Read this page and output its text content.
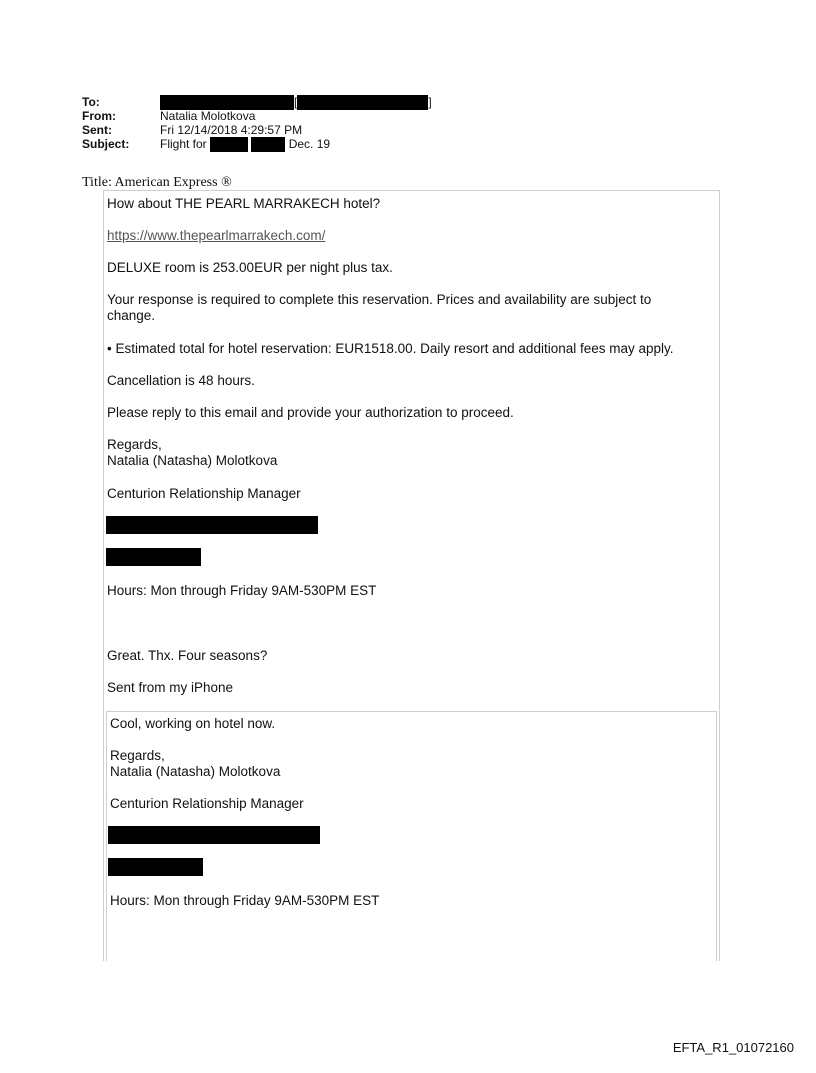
To:	[	]
From:	Natalia Molotkova
Sent:	Fri 12/14/2018 4:29:57 PM
Subject:	Flight for	Dec. 19
Title: American Express ®
How about THE PEARL MARRAKECH hotel?
https://www.thepearlmarrakech.com/
DELUXE room is 253.00EUR per night plus tax.
Your response is required to complete this reservation. Prices and availability are subject to
change.
• Estimated total for hotel reservation: EUR1518.00. Daily resort and additional fees may apply.
Cancellation is 48 hours.
Please reply to this email and provide your authorization to proceed.
Regards,
Natalia (Natasha) Molotkova
Centurion Relationship Manager
Hours: Mon through Friday 9AM-530PM EST
Great. Thx. Four seasons?
Sent from my iPhone
Cool, working on hotel now.
Regards,
Natalia (Natasha) Molotkova
Centurion Relationship Manager
Hours: Mon through Friday 9AM-530PM EST
EFTA_R1_01072160
